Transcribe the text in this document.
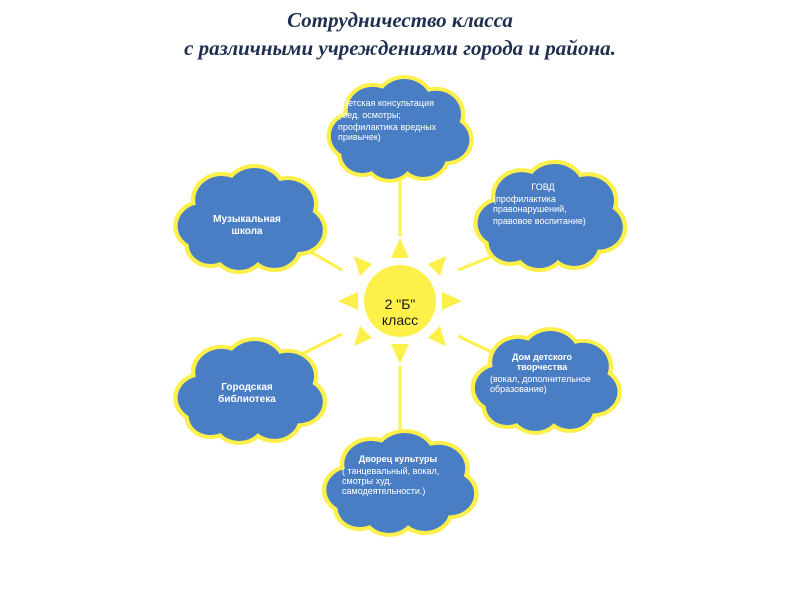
Сотрудничество класса
с различными учреждениями города и района.
2 "Б"
класс
Детская консультация
(мед. осмотры;
профилактика вредных привычек)
ГОВД
(профилактика правонарушений,
правовое воспитание)
Музыкальная школа
Городская библиотека
Дом детского творчества
(вокал, дополнительное образование)
Дворец культуры
( танцевальный, вокал, смотры худ. самодеятельности.)
